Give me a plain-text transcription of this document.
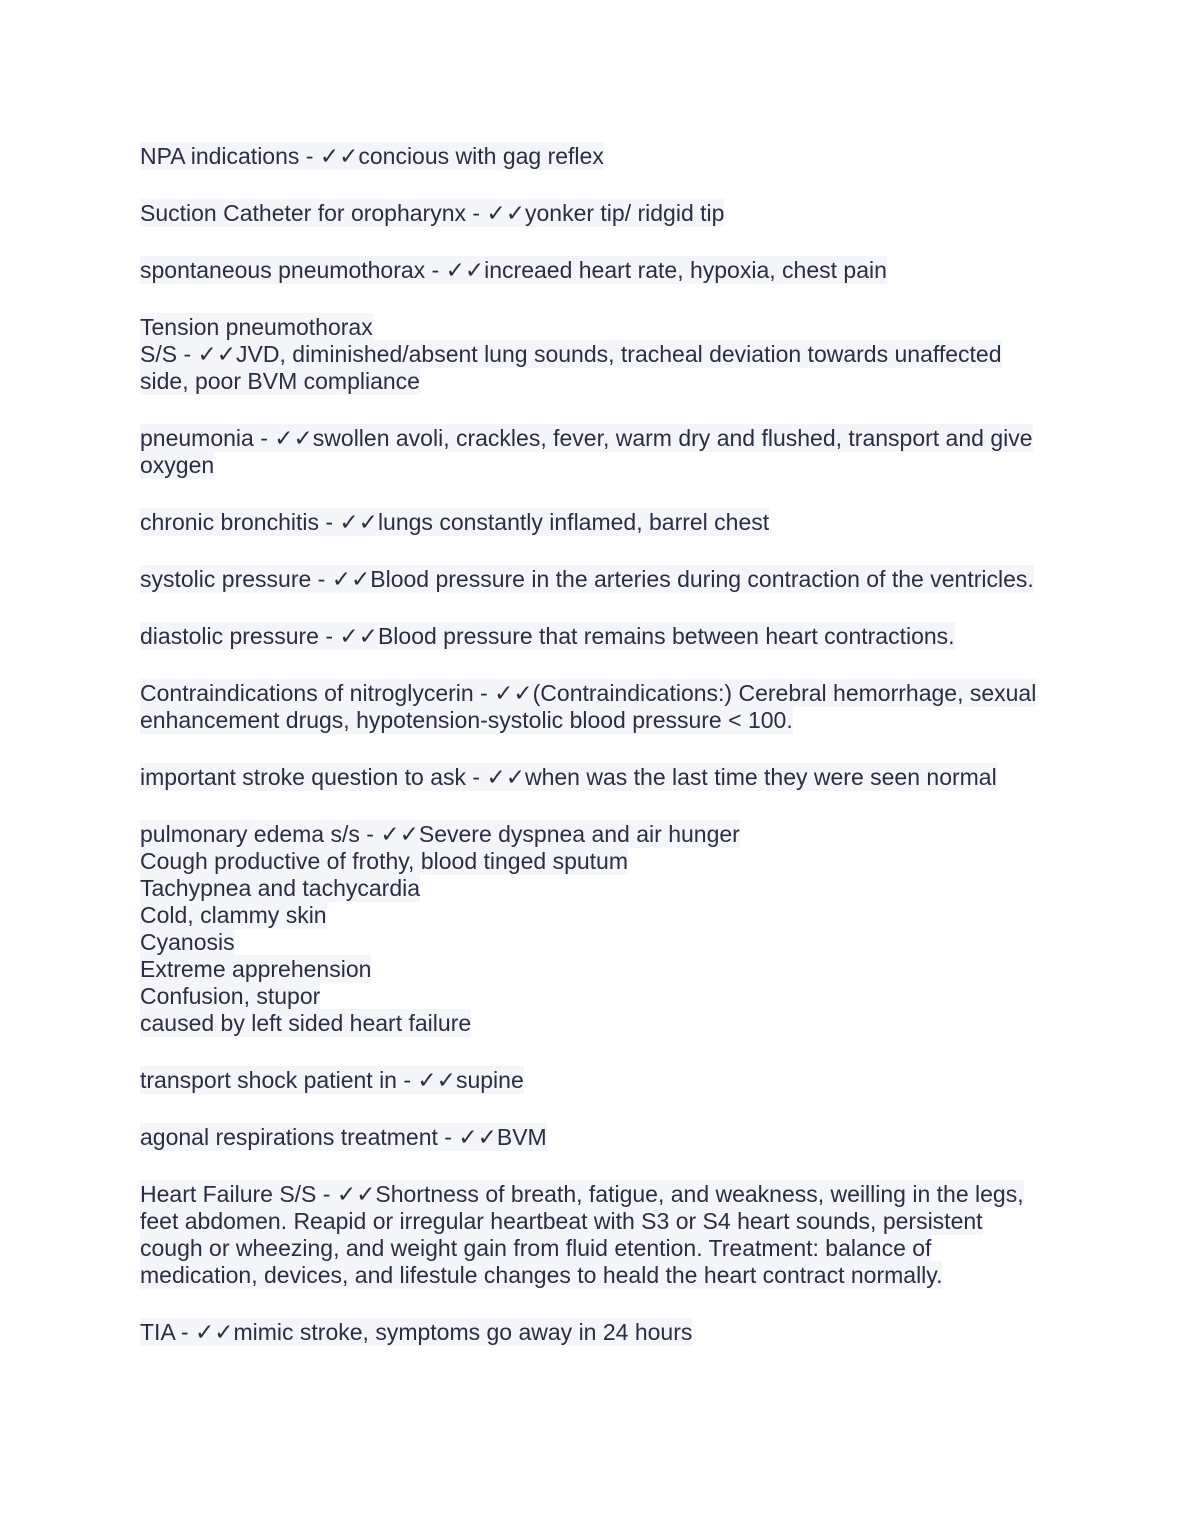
NPA indications - ✓✓concious with gag reflex
Suction Catheter for oropharynx - ✓✓yonker tip/ ridgid tip
spontaneous pneumothorax - ✓✓increaed heart rate, hypoxia, chest pain
Tension pneumothorax
S/S - ✓✓JVD, diminished/absent lung sounds, tracheal deviation towards unaffected
side, poor BVM compliance
pneumonia - ✓✓swollen avoli, crackles, fever, warm dry and flushed, transport and give
oxygen
chronic bronchitis - ✓✓lungs constantly inflamed, barrel chest
systolic pressure - ✓✓Blood pressure in the arteries during contraction of the ventricles.
diastolic pressure - ✓✓Blood pressure that remains between heart contractions.
Contraindications of nitroglycerin - ✓✓(Contraindications:) Cerebral hemorrhage, sexual
enhancement drugs, hypotension-systolic blood pressure < 100.
important stroke question to ask - ✓✓when was the last time they were seen normal
pulmonary edema s/s - ✓✓Severe dyspnea and air hunger
Cough productive of frothy, blood tinged sputum
Tachypnea and tachycardia
Cold, clammy skin
Cyanosis
Extreme apprehension
Confusion, stupor
caused by left sided heart failure
transport shock patient in - ✓✓supine
agonal respirations treatment - ✓✓BVM
Heart Failure S/S - ✓✓Shortness of breath, fatigue, and weakness, weilling in the legs,
feet abdomen. Reapid or irregular heartbeat with S3 or S4 heart sounds, persistent
cough or wheezing, and weight gain from fluid etention. Treatment: balance of
medication, devices, and lifestule changes to heald the heart contract normally.
TIA - ✓✓mimic stroke, symptoms go away in 24 hours
